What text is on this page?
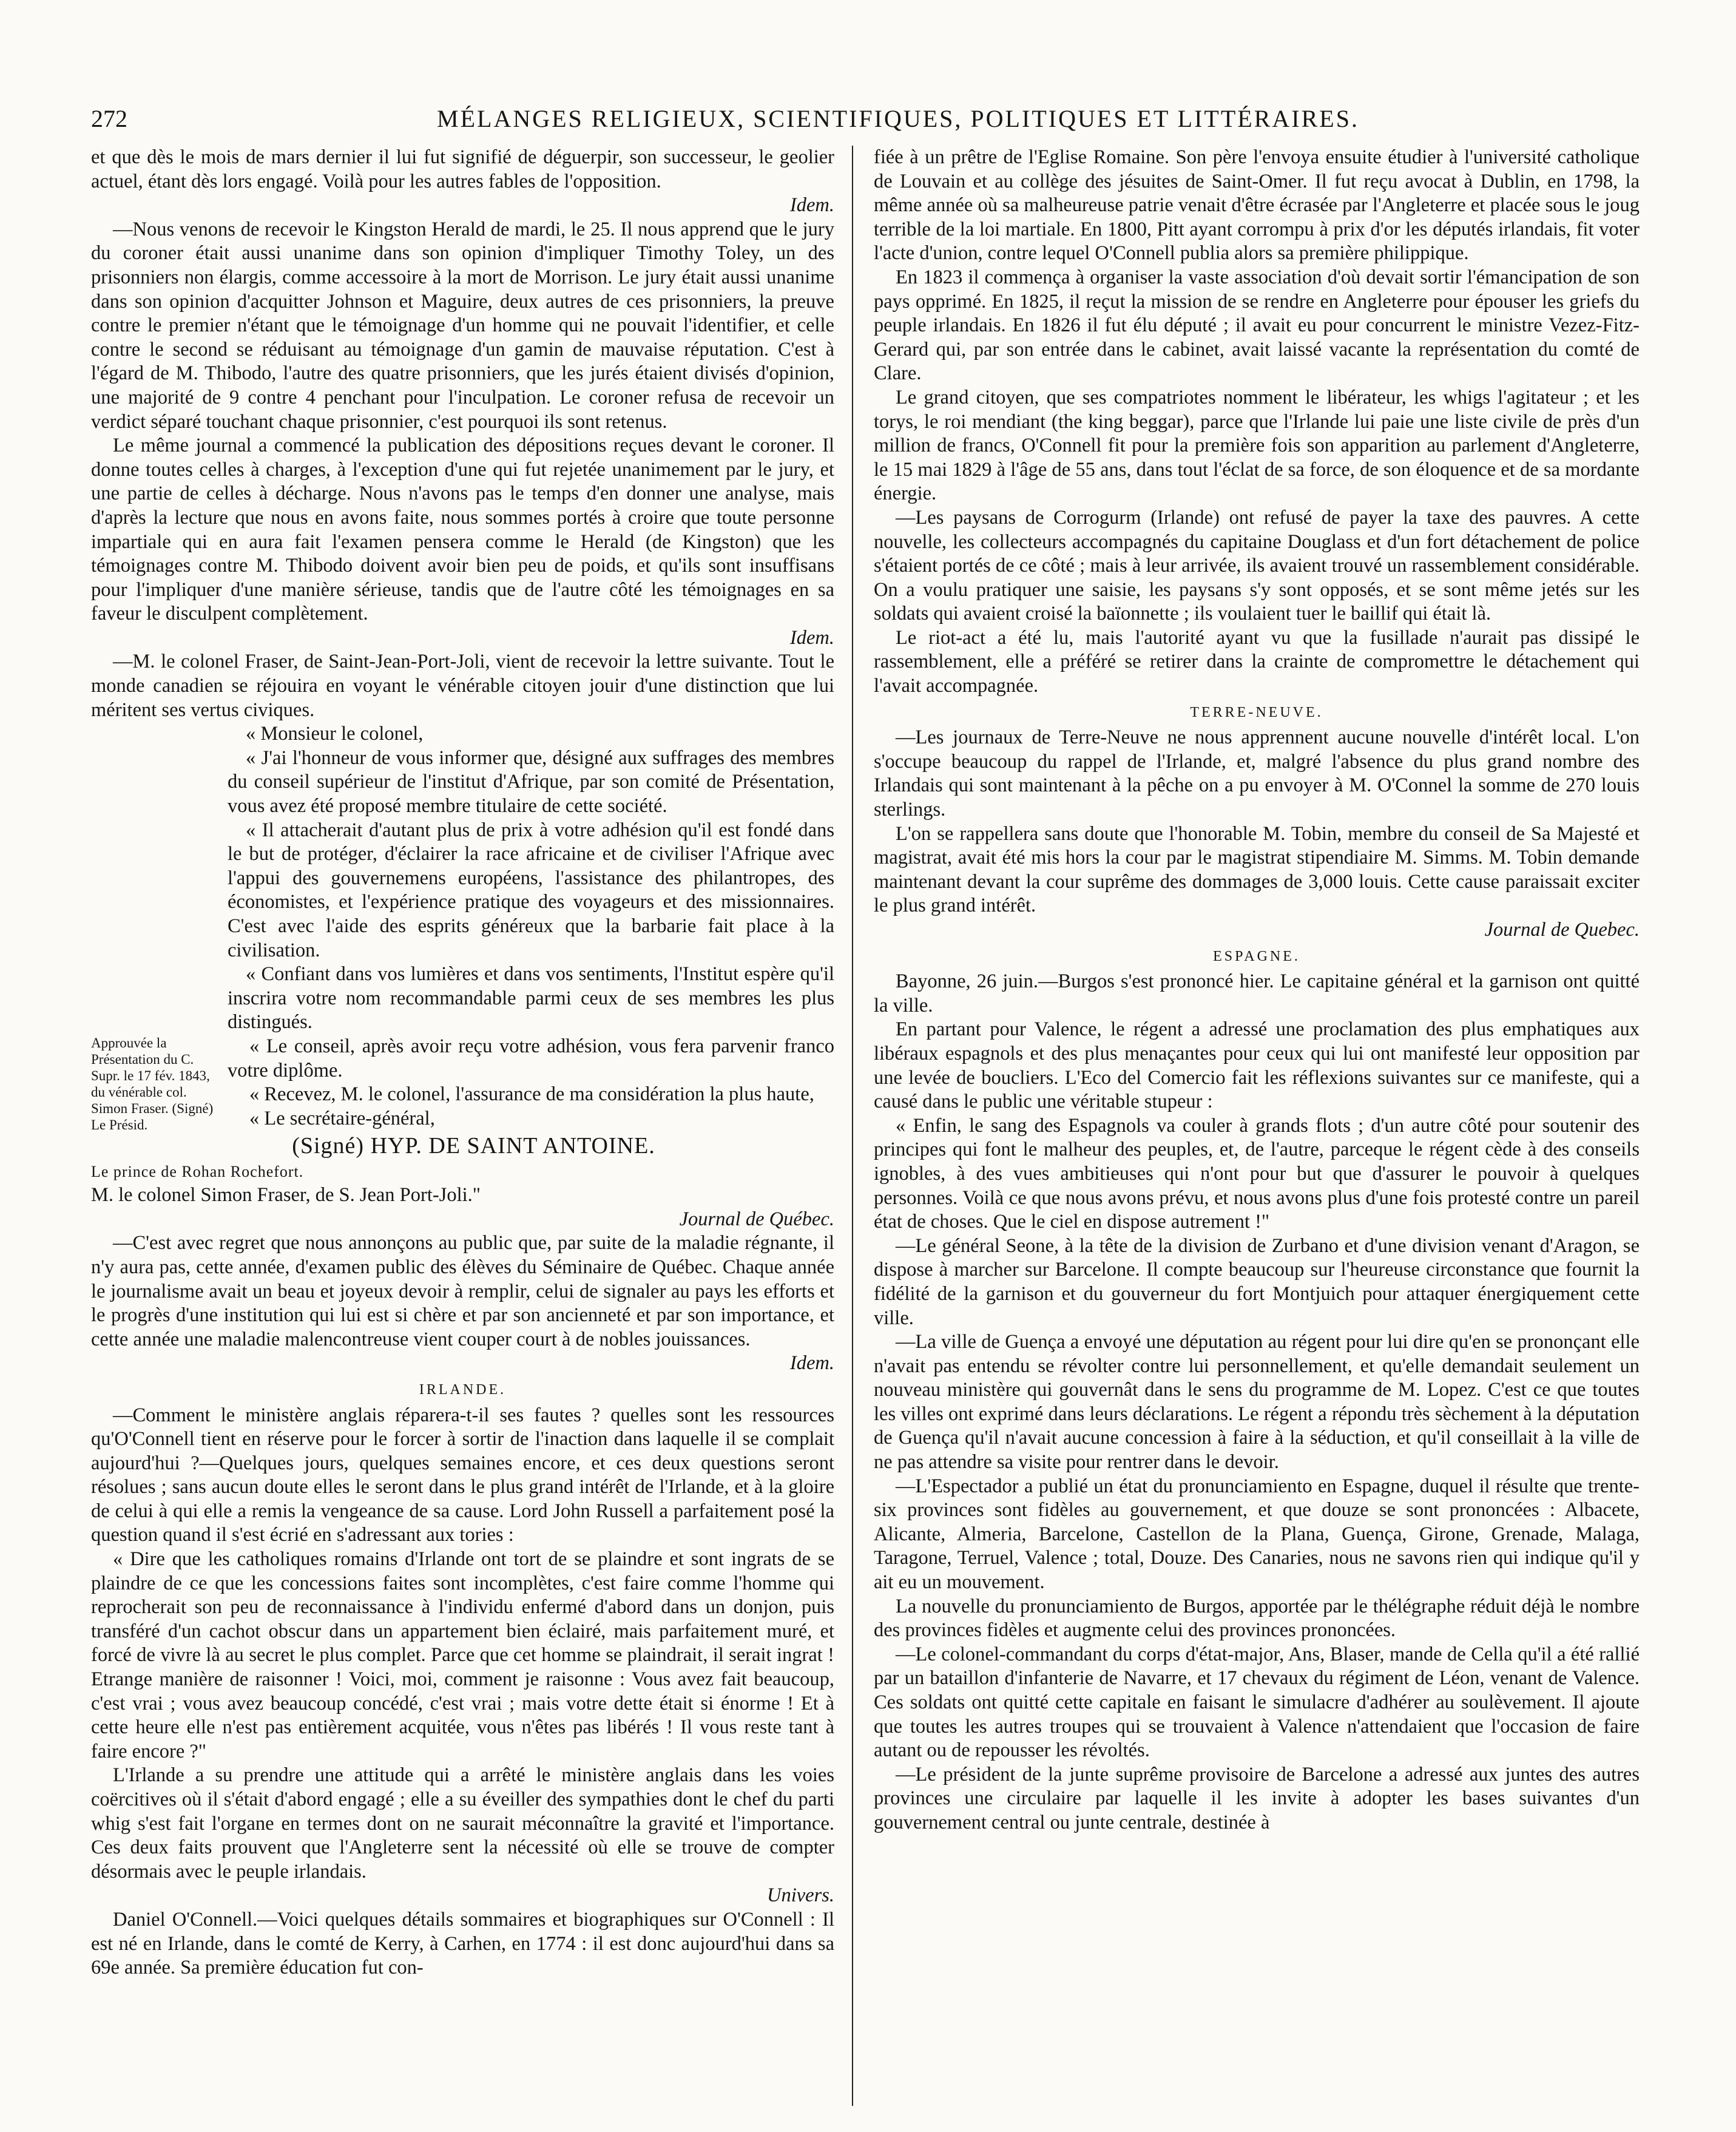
272	MÉLANGES RELIGIEUX, SCIENTIFIQUES, POLITIQUES ET LITTÉRAIRES.

et que dès le mois de mars dernier il lui fut signifié de déguerpir, son successeur, le geolier actuel, étant dès lors engagé. Voilà pour les autres fables de l'opposition.

Idem.

—Nous venons de recevoir le Kingston Herald de mardi, le 25. Il nous apprend que le jury du coroner était aussi unanime dans son opinion d'impliquer Timothy Toley, un des prisonniers non élargis, comme accessoire à la mort de Morrison. Le jury était aussi unanime dans son opinion d'acquitter Johnson et Maguire, deux autres de ces prisonniers, la preuve contre le premier n'étant que le témoignage d'un homme qui ne pouvait l'identifier, et celle contre le second se réduisant au témoignage d'un gamin de mauvaise réputation. C'est à l'égard de M. Thibodo, l'autre des quatre prisonniers, que les jurés étaient divisés d'opinion, une majorité de 9 contre 4 penchant pour l'inculpation. Le coroner refusa de recevoir un verdict séparé touchant chaque prisonnier, c'est pourquoi ils sont retenus.

Le même journal a commencé la publication des dépositions reçues devant le coroner. Il donne toutes celles à charges, à l'exception d'une qui fut rejetée unanimement par le jury, et une partie de celles à décharge. Nous n'avons pas le temps d'en donner une analyse, mais d'après la lecture que nous en avons faite, nous sommes portés à croire que toute personne impartiale qui en aura fait l'examen pensera comme le Herald (de Kingston) que les témoignages contre M. Thibodo doivent avoir bien peu de poids, et qu'ils sont insuffisans pour l'impliquer d'une manière sérieuse, tandis que de l'autre côté les témoignages en sa faveur le disculpent complètement.

Idem.

—M. le colonel Fraser, de Saint-Jean-Port-Joli, vient de recevoir la lettre suivante. Tout le monde canadien se réjouira en voyant le vénérable citoyen jouir d'une distinction que lui méritent ses vertus civiques.

« Monsieur le colonel,

« J'ai l'honneur de vous informer que, désigné aux suffrages des membres du conseil supérieur de l'institut d'Afrique, par son comité de Présentation, vous avez été proposé membre titulaire de cette société.

« Il attacherait d'autant plus de prix à votre adhésion qu'il est fondé dans le but de protéger, d'éclairer la race africaine et de civiliser l'Afrique avec l'appui des gouvernemens européens, l'assistance des philantropes, des économistes, et l'expérience pratique des voyageurs et des missionnaires. C'est avec l'aide des esprits généreux que la barbarie fait place à la civilisation.

« Confiant dans vos lumières et dans vos sentiments, l'Institut espère qu'il inscrira votre nom recommandable parmi ceux de ses membres les plus distingués.

Approuvée la Présentation du C. Supr. le 17 fév. 1843, du vénérable col. Simon Fraser. (Signé) Le Présid.

« Le conseil, après avoir reçu votre adhésion, vous fera parvenir franco votre diplôme.

« Recevez, M. le colonel, l'assurance de ma considération la plus haute,

« Le secrétaire-général,

(Signé) HYP. DE SAINT ANTOINE.

Le prince de Rohan Rochefort.

M. le colonel Simon Fraser, de S. Jean Port-Joli."

Journal de Québec.

—C'est avec regret que nous annonçons au public que, par suite de la maladie régnante, il n'y aura pas, cette année, d'examen public des élèves du Séminaire de Québec. Chaque année le journalisme avait un beau et joyeux devoir à remplir, celui de signaler au pays les efforts et le progrès d'une institution qui lui est si chère et par son ancienneté et par son importance, et cette année une maladie malencontreuse vient couper court à de nobles jouissances.

Idem.

IRLANDE.

—Comment le ministère anglais réparera-t-il ses fautes ? quelles sont les ressources qu'O'Connell tient en réserve pour le forcer à sortir de l'inaction dans laquelle il se complait aujourd'hui ?—Quelques jours, quelques semaines encore, et ces deux questions seront résolues ; sans aucun doute elles le seront dans le plus grand intérêt de l'Irlande, et à la gloire de celui à qui elle a remis la vengeance de sa cause. Lord John Russell a parfaitement posé la question quand il s'est écrié en s'adressant aux tories :

« Dire que les catholiques romains d'Irlande ont tort de se plaindre et sont ingrats de se plaindre de ce que les concessions faites sont incomplètes, c'est faire comme l'homme qui reprocherait son peu de reconnaissance à l'individu enfermé d'abord dans un donjon, puis transféré d'un cachot obscur dans un appartement bien éclairé, mais parfaitement muré, et forcé de vivre là au secret le plus complet. Parce que cet homme se plaindrait, il serait ingrat ! Etrange manière de raisonner ! Voici, moi, comment je raisonne : Vous avez fait beaucoup, c'est vrai ; vous avez beaucoup concédé, c'est vrai ; mais votre dette était si énorme ! Et à cette heure elle n'est pas entièrement acquitée, vous n'êtes pas libérés ! Il vous reste tant à faire encore ?"

L'Irlande a su prendre une attitude qui a arrêté le ministère anglais dans les voies coërcitives où il s'était d'abord engagé ; elle a su éveiller des sympathies dont le chef du parti whig s'est fait l'organe en termes dont on ne saurait méconnaître la gravité et l'importance. Ces deux faits prouvent que l'Angleterre sent la nécessité où elle se trouve de compter désormais avec le peuple irlandais.

Univers.

Daniel O'Connell.—Voici quelques détails sommaires et biographiques sur O'Connell : Il est né en Irlande, dans le comté de Kerry, à Carhen, en 1774 : il est donc aujourd'hui dans sa 69e année. Sa première éducation fut con-

fiée à un prêtre de l'Eglise Romaine. Son père l'envoya ensuite étudier à l'université catholique de Louvain et au collège des jésuites de Saint-Omer. Il fut reçu avocat à Dublin, en 1798, la même année où sa malheureuse patrie venait d'être écrasée par l'Angleterre et placée sous le joug terrible de la loi martiale. En 1800, Pitt ayant corrompu à prix d'or les députés irlandais, fit voter l'acte d'union, contre lequel O'Connell publia alors sa première philippique.

En 1823 il commença à organiser la vaste association d'où devait sortir l'émancipation de son pays opprimé. En 1825, il reçut la mission de se rendre en Angleterre pour épouser les griefs du peuple irlandais. En 1826 il fut élu député ; il avait eu pour concurrent le ministre Vezez-Fitz-Gerard qui, par son entrée dans le cabinet, avait laissé vacante la représentation du comté de Clare.

Le grand citoyen, que ses compatriotes nomment le libérateur, les whigs l'agitateur ; et les torys, le roi mendiant (the king beggar), parce que l'Irlande lui paie une liste civile de près d'un million de francs, O'Connell fit pour la première fois son apparition au parlement d'Angleterre, le 15 mai 1829 à l'âge de 55 ans, dans tout l'éclat de sa force, de son éloquence et de sa mordante énergie.

—Les paysans de Corrogurm (Irlande) ont refusé de payer la taxe des pauvres. A cette nouvelle, les collecteurs accompagnés du capitaine Douglass et d'un fort détachement de police s'étaient portés de ce côté ; mais à leur arrivée, ils avaient trouvé un rassemblement considérable. On a voulu pratiquer une saisie, les paysans s'y sont opposés, et se sont même jetés sur les soldats qui avaient croisé la baïonnette ; ils voulaient tuer le baillif qui était là.

Le riot-act a été lu, mais l'autorité ayant vu que la fusillade n'aurait pas dissipé le rassemblement, elle a préféré se retirer dans la crainte de compromettre le détachement qui l'avait accompagnée.

TERRE-NEUVE.

—Les journaux de Terre-Neuve ne nous apprennent aucune nouvelle d'intérêt local. L'on s'occupe beaucoup du rappel de l'Irlande, et, malgré l'absence du plus grand nombre des Irlandais qui sont maintenant à la pêche on a pu envoyer à M. O'Connel la somme de 270 louis sterlings.

L'on se rappellera sans doute que l'honorable M. Tobin, membre du conseil de Sa Majesté et magistrat, avait été mis hors la cour par le magistrat stipendiaire M. Simms. M. Tobin demande maintenant devant la cour suprême des dommages de 3,000 louis. Cette cause paraissait exciter le plus grand intérêt.

Journal de Quebec.

ESPAGNE.

Bayonne, 26 juin.—Burgos s'est prononcé hier. Le capitaine général et la garnison ont quitté la ville.

En partant pour Valence, le régent a adressé une proclamation des plus emphatiques aux libéraux espagnols et des plus menaçantes pour ceux qui lui ont manifesté leur opposition par une levée de boucliers. L'Eco del Comercio fait les réflexions suivantes sur ce manifeste, qui a causé dans le public une véritable stupeur :

« Enfin, le sang des Espagnols va couler à grands flots ; d'un autre côté pour soutenir des principes qui font le malheur des peuples, et, de l'autre, parceque le régent cède à des conseils ignobles, à des vues ambitieuses qui n'ont pour but que d'assurer le pouvoir à quelques personnes. Voilà ce que nous avons prévu, et nous avons plus d'une fois protesté contre un pareil état de choses. Que le ciel en dispose autrement !"

—Le général Seone, à la tête de la division de Zurbano et d'une division venant d'Aragon, se dispose à marcher sur Barcelone. Il compte beaucoup sur l'heureuse circonstance que fournit la fidélité de la garnison et du gouverneur du fort Montjuich pour attaquer énergiquement cette ville.

—La ville de Guença a envoyé une députation au régent pour lui dire qu'en se prononçant elle n'avait pas entendu se révolter contre lui personnellement, et qu'elle demandait seulement un nouveau ministère qui gouvernât dans le sens du programme de M. Lopez. C'est ce que toutes les villes ont exprimé dans leurs déclarations. Le régent a répondu très sèchement à la députation de Guença qu'il n'avait aucune concession à faire à la séduction, et qu'il conseillait à la ville de ne pas attendre sa visite pour rentrer dans le devoir.

—L'Espectador a publié un état du pronunciamiento en Espagne, duquel il résulte que trente-six provinces sont fidèles au gouvernement, et que douze se sont prononcées : Albacete, Alicante, Almeria, Barcelone, Castellon de la Plana, Guença, Girone, Grenade, Malaga, Taragone, Terruel, Valence ; total, Douze. Des Canaries, nous ne savons rien qui indique qu'il y ait eu un mouvement.

La nouvelle du pronunciamiento de Burgos, apportée par le thélégraphe réduit déjà le nombre des provinces fidèles et augmente celui des provinces prononcées.

—Le colonel-commandant du corps d'état-major, Ans, Blaser, mande de Cella qu'il a été rallié par un bataillon d'infanterie de Navarre, et 17 chevaux du régiment de Léon, venant de Valence. Ces soldats ont quitté cette capitale en faisant le simulacre d'adhérer au soulèvement. Il ajoute que toutes les autres troupes qui se trouvaient à Valence n'attendaient que l'occasion de faire autant ou de repousser les révoltés.

—Le président de la junte suprême provisoire de Barcelone a adressé aux juntes des autres provinces une circulaire par laquelle il les invite à adopter les bases suivantes d'un gouvernement central ou junte centrale, destinée à
